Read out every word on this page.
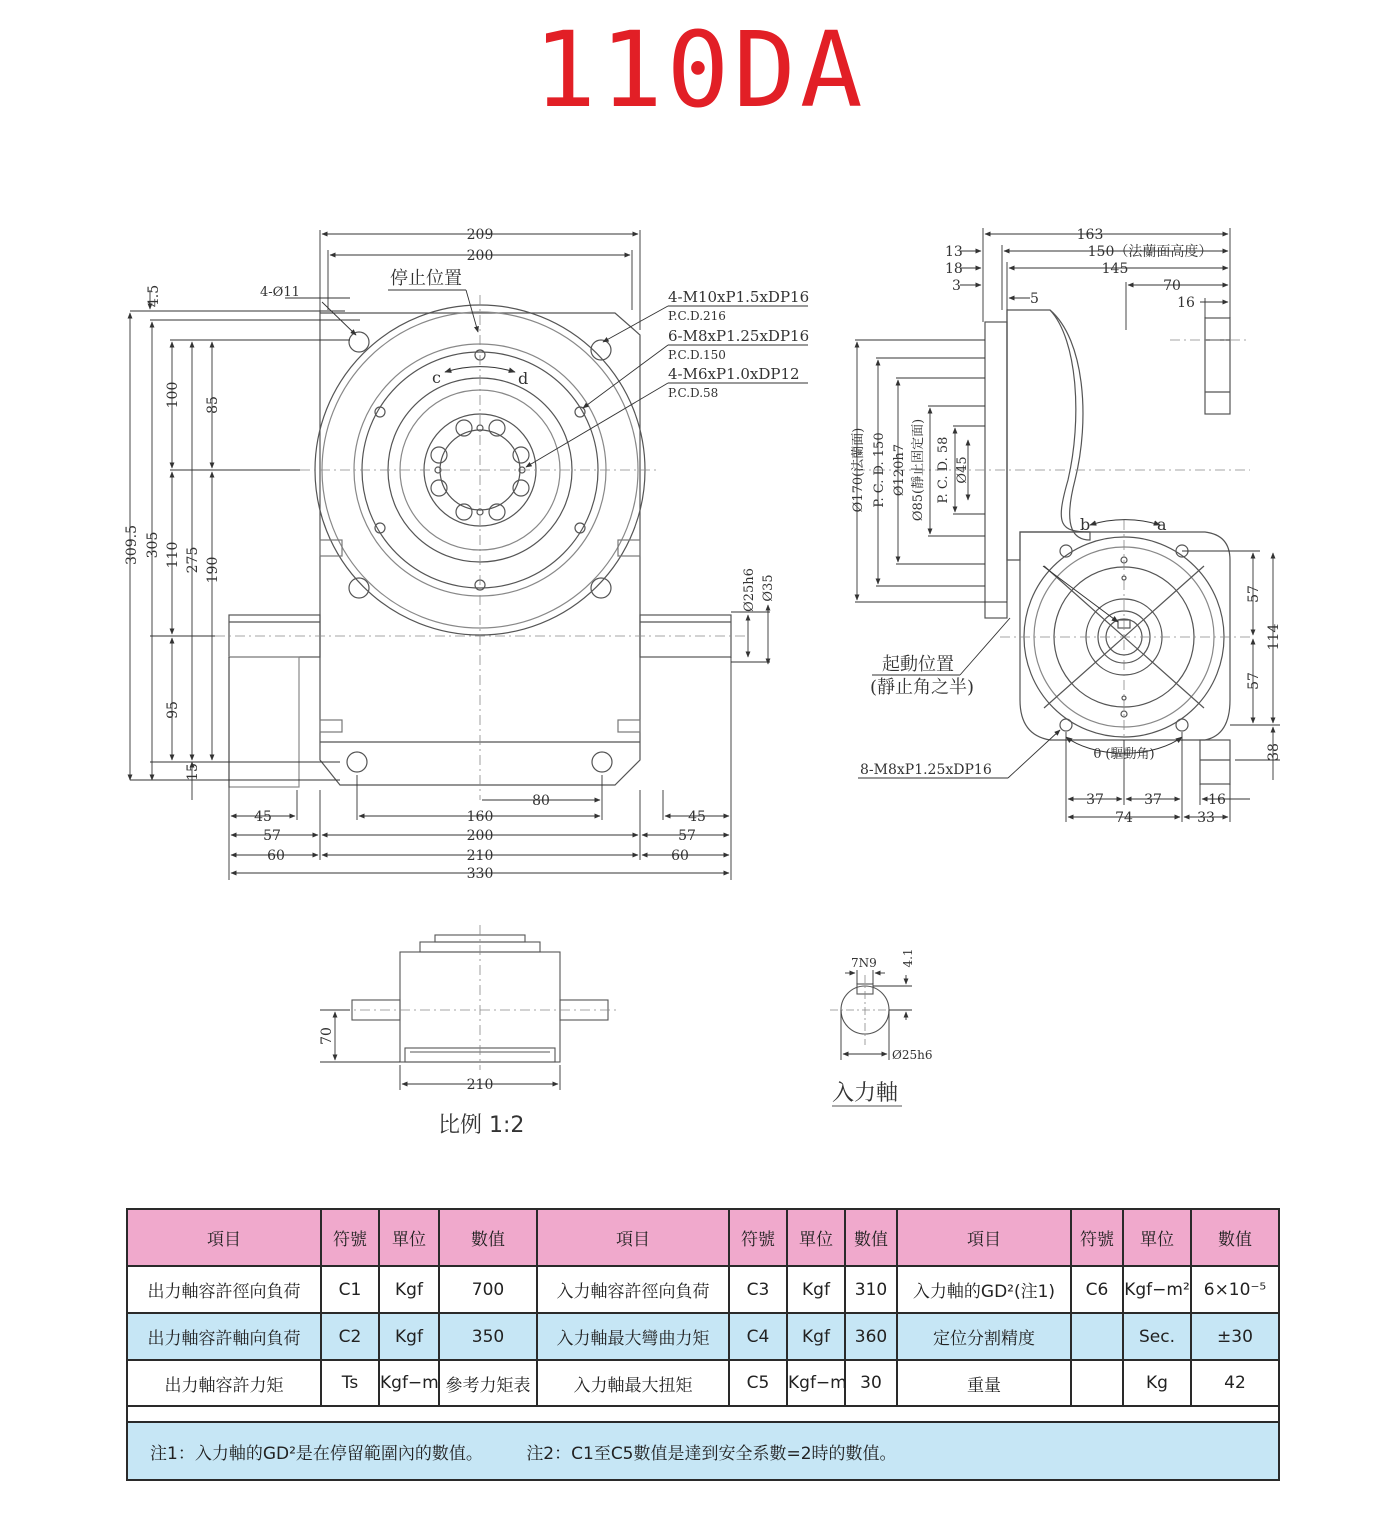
110DA
209
200
停止位置
c	d
4-Ø11	4-M10xP1.5xDP16
P.C.D.216
6-M8xP1.25xDP16
P.C.D.150
4-M6xP1.0xDP12
P.C.D.58
4.5
309.5 305
100 85
110 275 190
95
15
Ø25h6 Ø35
80
160
200
210
330
45
57
60
45
57
60
163
150（法蘭面高度）
145
70
16
13
18
3
5
Ø170(法蘭面) P. C. D. 150 Ø120h7 Ø85(靜止固定面) P. C. D. 58 Ø45
b	a
起動位置
(靜止角之半)
8-M8xP1.25xDP16
θ (驅動角)
57
57
114
38
37	37	16
74	33
70
210
比例 1:2
7N9 4.1
Ø25h6
入力軸
項目	符號	單位	數值	項目	符號	單位	數值	項目	符號	單位	數值
出力軸容許徑向負荷	C1	Kgf	700	入力軸容許徑向負荷	C3	Kgf	310	入力軸的GD²(注1)	C6	Kgf−m²	6×10⁻⁵
出力軸容許軸向負荷	C2	Kgf	350	入力軸最大彎曲力矩	C4	Kgf	360	定位分割精度		Sec.	±30
出力軸容許力矩	Ts	Kgf−m	參考力矩表	入力軸最大扭矩	C5	Kgf−m	30	重量		Kg	42

注1：入力軸的GD²是在停留範圍內的數值。 注2：C1至C5數值是達到安全系數=2時的數值。											
